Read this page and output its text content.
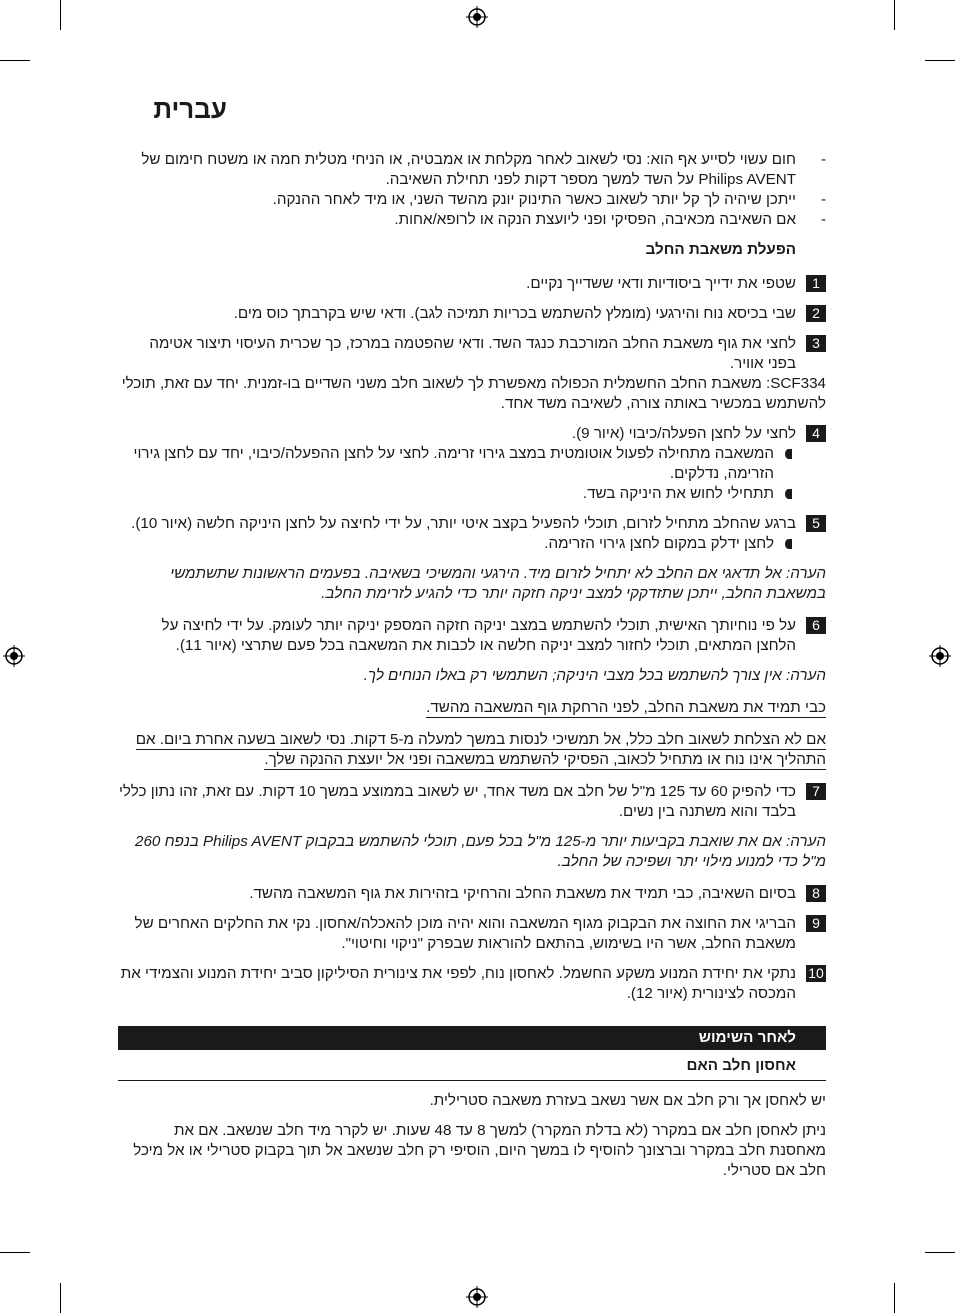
עברית
-
חום עשוי לסייע אף הוא: נסי לשאוב לאחר מקלחת או אמבטיה, או הניחי מטלית חמה או משטח חימום של Philips AVENT על השד למשך מספר דקות לפני תחילת השאיבה.
-
ייתכן שיהיה לך קל יותר לשאוב כאשר התינוק יונק מהשד השני, או מיד לאחר ההנקה.
-
אם השאיבה מכאיבה, הפסיקי ופני ליועצת הנקה או לרופא/אחות.
הפעלת משאבת החלב
1

שטפי את ידייך ביסודיות ודאי ששדייך נקיים.

2

שבי בכיסא נוח והירגעי (מומלץ להשתמש בכריות תמיכה לגב). ודאי שיש בקרבתך כוס מים.

3

לחצי את גוף משאבת החלב המורכבת כנגד השד. ודאי שהפטמה במרכז, כך שכרית העיסוי תיצור אטימה בפני אוויר.

SCF334: משאבת החלב החשמלית הכפולה מאפשרת לך לשאוב חלב משני השדיים בו-זמנית. יחד עם זאת, תוכלי להשתמש במכשיר באותה צורה, לשאיבה משד אחד.

4

לחצי על לחצן הפעלה/כיבוי (איור 9).

המשאבה מתחילה לפעול אוטומטית במצב גירוי זרימה. לחצי על לחצן ההפעלה/כיבוי, יחד עם לחצן גירוי הזרימה, נדלקים.
תתחילי לחוש את היניקה בשד.
5

ברגע שהחלב מתחיל לזרום, תוכלי להפעיל בקצב איטי יותר, על ידי לחיצה על לחצן היניקה חלשה (איור 10).

לחצן ידלק במקום לחצן גירוי הזרימה.

הערה: אל תדאגי אם החלב לא יתחיל לזרום מיד. הירגעי והמשיכי בשאיבה. בפעמים הראשונות שתשתמשי במשאבת החלב, ייתכן שתזדקקי למצב יניקה חזקה יותר כדי להגיע לזרימת החלב.

6

על פי נוחיותך האישית, תוכלי להשתמש במצב יניקה חזקה המספק יניקה יותר לעומק. על ידי לחיצה על הלחצן המתאים, תוכלי לחזור למצב יניקה חלשה או לכבות את המשאבה בכל פעם שתרצי (איור 11).

הערה: אין צורך להשתמש בכל מצבי היניקה; השתמשי רק באלו הנוחים לך.

כבי תמיד את משאבת החלב, לפני הרחקת גוף המשאבה מהשד.

אם לא הצלחת לשאוב חלב כלל, אל תמשיכי לנסות במשך למעלה מ-5 דקות. נסי לשאוב בשעה אחרת ביום. אם התהליך אינו נוח או מתחיל לכאוב, הפסיקי להשתמש במשאבה ופני אל יועצת ההנקה שלך.

7

כדי להפיק 60 עד 125 מ"ל של חלב אם משד אחד, יש לשאוב בממוצע במשך 10 דקות. עם זאת, זהו נתון כללי בלבד והוא משתנה בין נשים.

הערה: אם את שואבת בקביעות יותר מ-125 מ"ל בכל פעם, תוכלי להשתמש בבקבוק Philips AVENT בנפח 260 מ"ל כדי למנוע מילוי יתר ושפיכה של החלב.

8

בסיום השאיבה, כבי תמיד את משאבת החלב והרחיקי בזהירות את גוף המשאבה מהשד.

9

הבריגי את החוצה את הבקבוק מגוף המשאבה והוא יהיה מוכן להאכלה/אחסון. נקי את החלקים האחרים של משאבת החלב, אשר היו בשימוש, בהתאם להוראות שבפרק "ניקוי וחיטוי".

10

נתקי את יחידת המנוע משקע החשמל. לאחסון נוח, לפפי את צינורית הסיליקון סביב יחידת המנוע והצמידי את המכסה לצינורית (איור 12).

לאחר השימוש
אחסון חלב האם

יש לאחסן אך ורק חלב אם אשר נשאב בעזרת משאבה סטרילית.

ניתן לאחסן חלב אם במקרר (לא בדלת המקרר) למשך 8 עד 48 שעות. יש לקרר מיד חלב שנשאב. אם את מאחסנת חלב במקרר וברצונך להוסיף לו במשך היום, הוסיפי רק חלב שנשאב אל תוך בקבוק סטרילי או אל מיכל חלב אם סטרילי.
